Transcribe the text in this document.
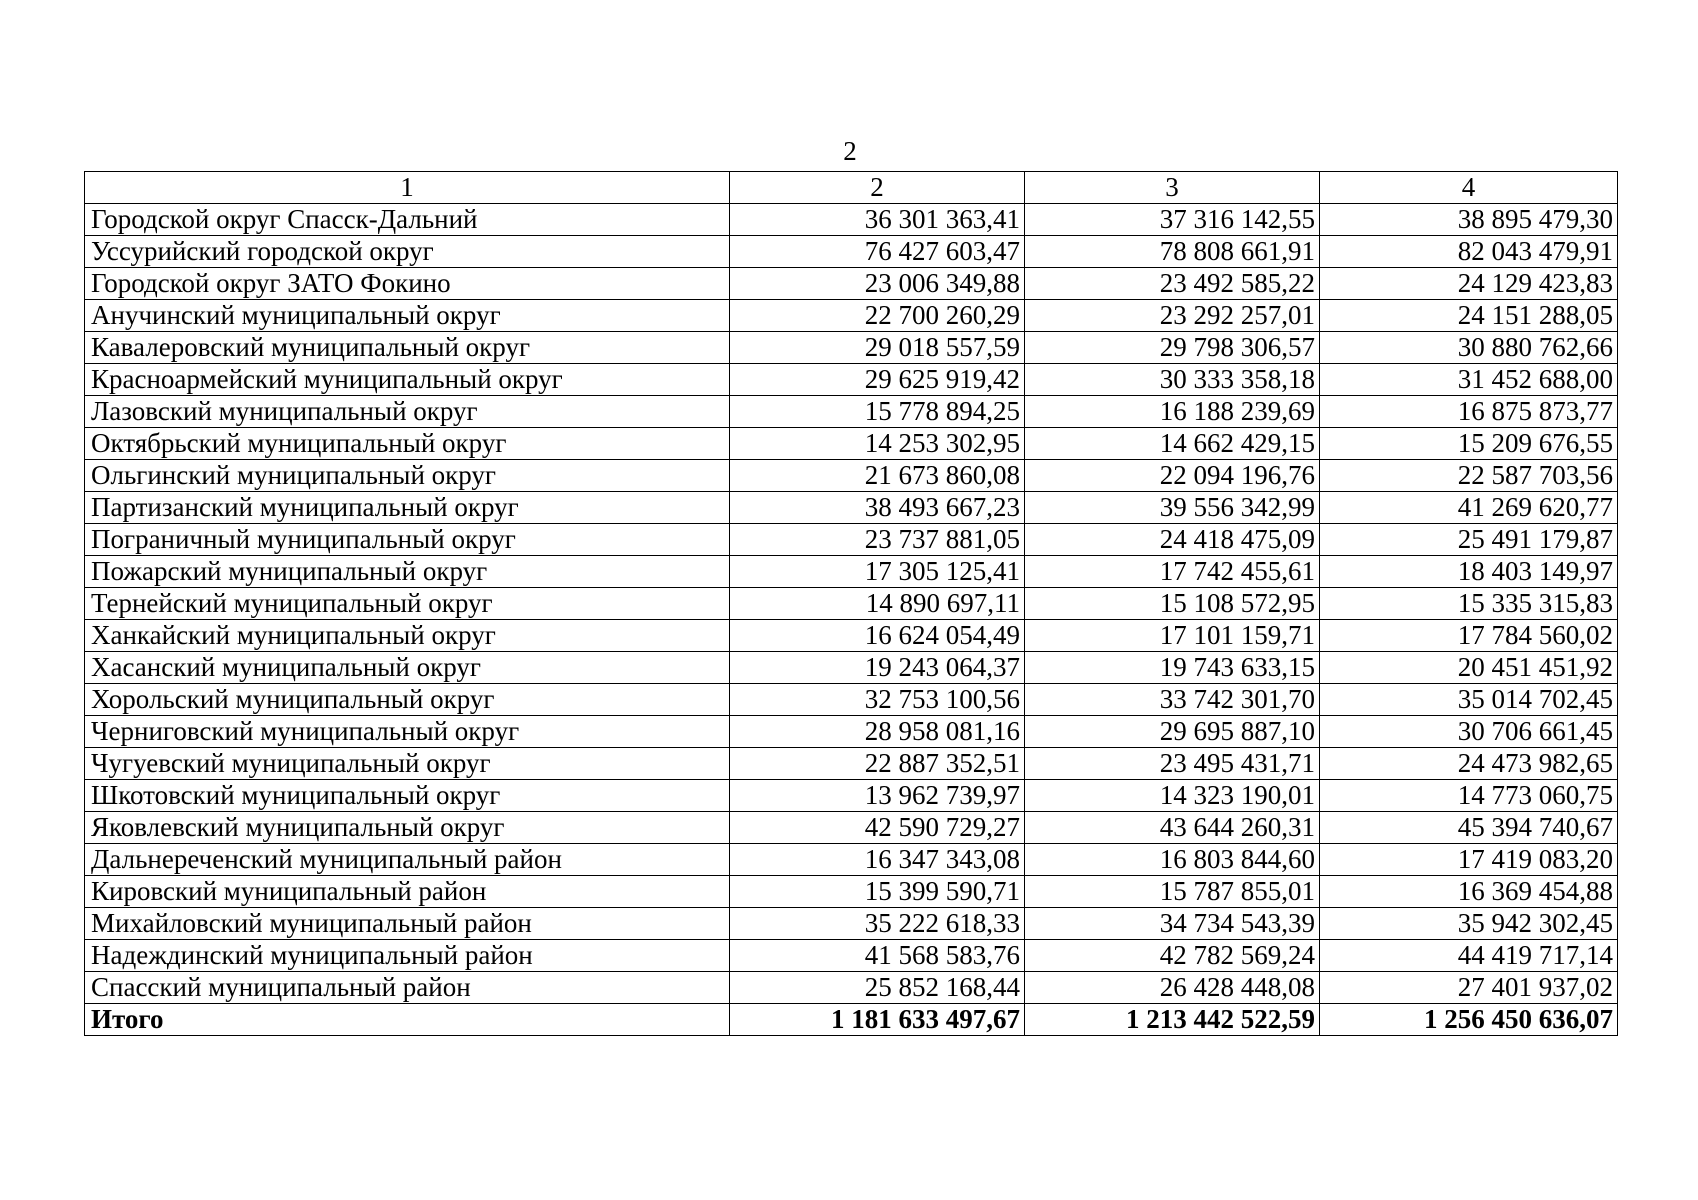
2
1	2	3	4
Городской округ Спасск-Дальний	36 301 363,41	37 316 142,55	38 895 479,30
Уссурийский городской округ	76 427 603,47	78 808 661,91	82 043 479,91
Городской округ ЗАТО Фокино	23 006 349,88	23 492 585,22	24 129 423,83
Анучинский муниципальный округ	22 700 260,29	23 292 257,01	24 151 288,05
Кавалеровский муниципальный округ	29 018 557,59	29 798 306,57	30 880 762,66
Красноармейский муниципальный округ	29 625 919,42	30 333 358,18	31 452 688,00
Лазовский муниципальный округ	15 778 894,25	16 188 239,69	16 875 873,77
Октябрьский муниципальный округ	14 253 302,95	14 662 429,15	15 209 676,55
Ольгинский муниципальный округ	21 673 860,08	22 094 196,76	22 587 703,56
Партизанский муниципальный округ	38 493 667,23	39 556 342,99	41 269 620,77
Пограничный муниципальный округ	23 737 881,05	24 418 475,09	25 491 179,87
Пожарский муниципальный округ	17 305 125,41	17 742 455,61	18 403 149,97
Тернейский муниципальный округ	14 890 697,11	15 108 572,95	15 335 315,83
Ханкайский муниципальный округ	16 624 054,49	17 101 159,71	17 784 560,02
Хасанский муниципальный округ	19 243 064,37	19 743 633,15	20 451 451,92
Хорольский муниципальный округ	32 753 100,56	33 742 301,70	35 014 702,45
Черниговский муниципальный округ	28 958 081,16	29 695 887,10	30 706 661,45
Чугуевский муниципальный округ	22 887 352,51	23 495 431,71	24 473 982,65
Шкотовский муниципальный округ	13 962 739,97	14 323 190,01	14 773 060,75
Яковлевский муниципальный округ	42 590 729,27	43 644 260,31	45 394 740,67
Дальнереченский муниципальный район	16 347 343,08	16 803 844,60	17 419 083,20
Кировский муниципальный район	15 399 590,71	15 787 855,01	16 369 454,88
Михайловский муниципальный район	35 222 618,33	34 734 543,39	35 942 302,45
Надеждинский муниципальный район	41 568 583,76	42 782 569,24	44 419 717,14
Спасский муниципальный район	25 852 168,44	26 428 448,08	27 401 937,02
Итого	1 181 633 497,67	1 213 442 522,59	1 256 450 636,07
